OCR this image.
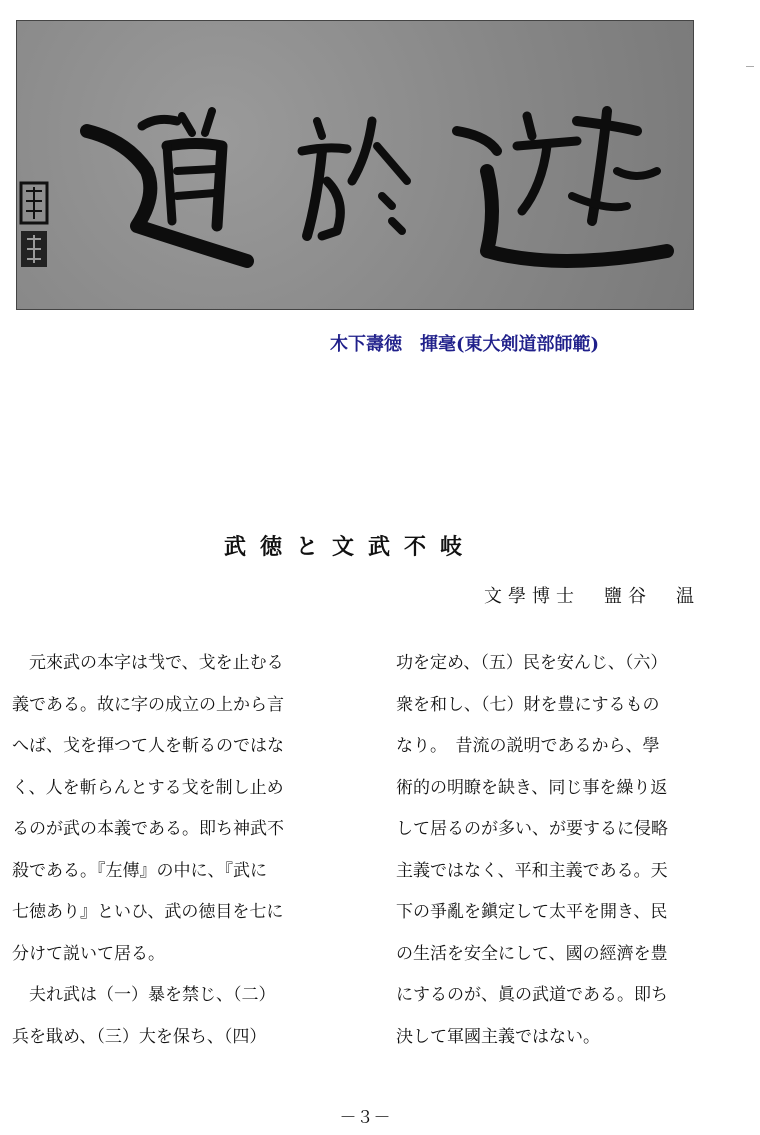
木下壽徳　揮毫(東大剣道部師範)
武徳と文武不岐
文學博士　鹽谷　温
　元來武の本字は𢦏で、戈を止むる
義である。故に字の成立の上から言
へば、戈を揮つて人を斬るのではな
く、人を斬らんとする戈を制し止め
るのが武の本義である。即ち神武不
殺である。『左傳』の中に、『武に
七徳あり』といひ、武の徳目を七に
分けて説いて居る。
　夫れ武は（一）暴を禁じ、（二）
兵を戢め、（三）大を保ち、（四）
功を定め、（五）民を安んじ、（六）
衆を和し、（七）財を豊にするもの
なり。　昔流の説明であるから、學
術的の明瞭を缺き、同じ事を繰り返
して居るのが多い、が要するに侵略
主義ではなく、平和主義である。天
下の爭亂を鎭定して太平を開き、民
の生活を安全にして、國の經濟を豊
にするのが、眞の武道である。即ち
決して軍國主義ではない。
－３－
